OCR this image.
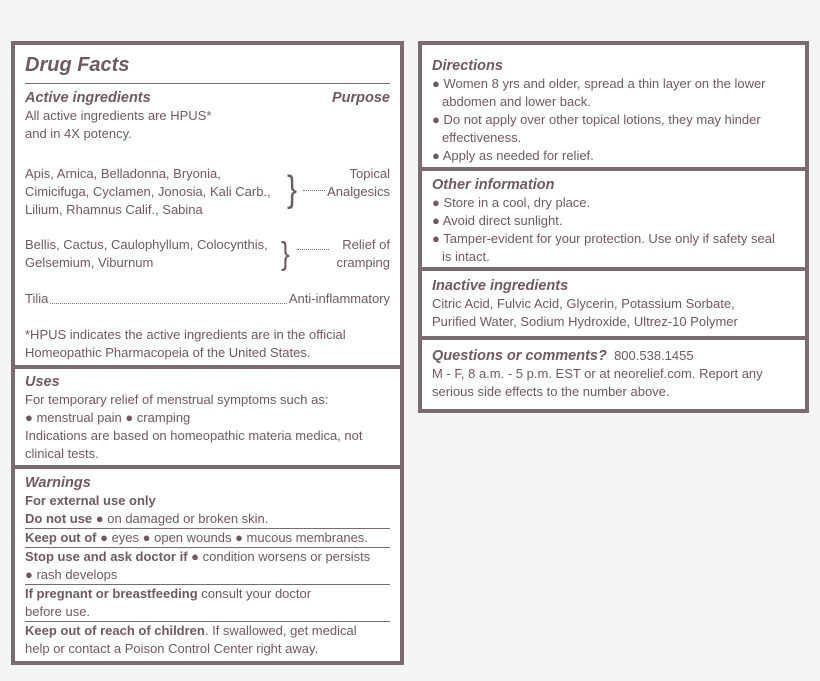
Drug Facts
Active ingredients	Purpose
All active ingredients are HPUS*
and in 4X potency.
Apis, Arnica, Belladonna, Bryonia,
Cimicifuga, Cyclamen, Jonosia, Kali Carb.,
Lilium, Rhamnus Calif., Sabina	}	Topical
Analgesics
Bellis, Cactus, Caulophyllum, Colocynthis,
Gelsemium, Viburnum	}	Relief of
cramping
Tilia	Anti-inflammatory
*HPUS indicates the active ingredients are in the official
Homeopathic Pharmacopeia of the United States.
Uses
For temporary relief of menstrual symptoms such as:
● menstrual pain ● cramping
Indications are based on homeopathic materia medica, not
clinical tests.
Warnings
For external use only
Do not use ● on damaged or broken skin.
Keep out of ● eyes ● open wounds ● mucous membranes.
Stop use and ask doctor if ● condition worsens or persists
● rash develops
If pregnant or breastfeeding consult your doctor
before use.
Keep out of reach of children. If swallowed, get medical
help or contact a Poison Control Center right away.
Directions
● Women 8 yrs and older, spread a thin layer on the lower
abdomen and lower back.
● Do not apply over other topical lotions, they may hinder
effectiveness.
● Apply as needed for relief.
Other information
● Store in a cool, dry place.
● Avoid direct sunlight.
● Tamper-evident for your protection. Use only if safety seal
is intact.
Inactive ingredients
Citric Acid, Fulvic Acid, Glycerin, Potassium Sorbate,
Purified Water, Sodium Hydroxide, Ultrez-10 Polymer
Questions or comments? 800.538.1455
M - F, 8 a.m. - 5 p.m. EST or at neorelief.com. Report any
serious side effects to the number above.
